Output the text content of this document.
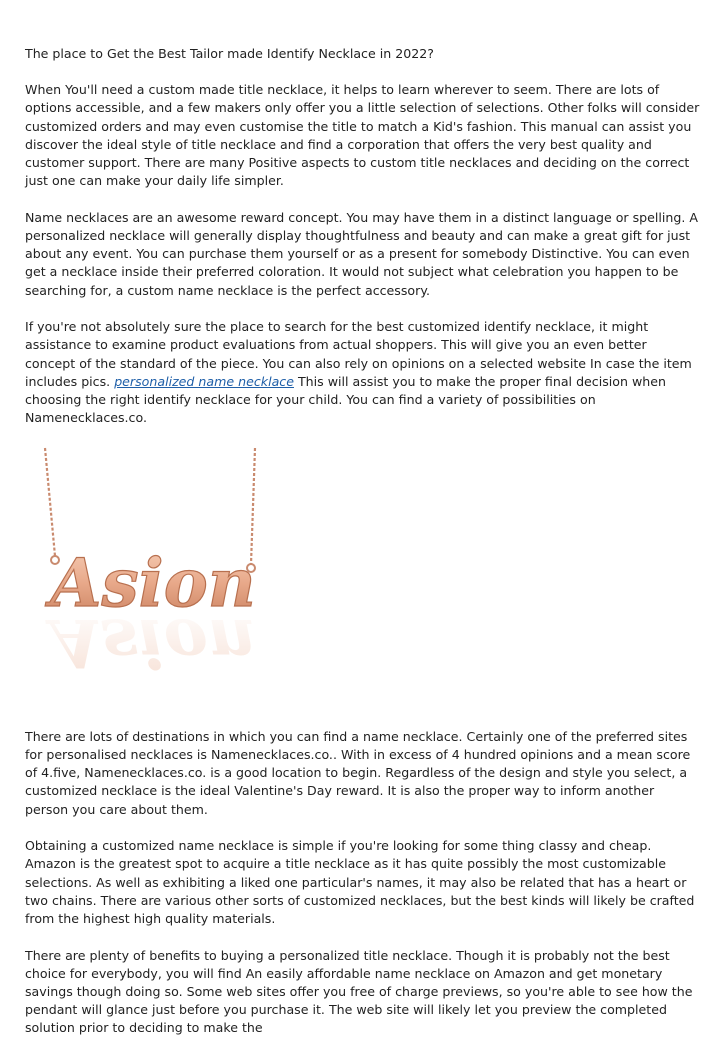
The place to Get the Best Tailor made Identify Necklace in 2022?

When You'll need a custom made title necklace, it helps to learn wherever to seem. There are lots of options accessible, and a few makers only offer you a little selection of selections. Other folks will consider customized orders and may even customise the title to match a Kid's fashion. This manual can assist you discover the ideal style of title necklace and find a corporation that offers the very best quality and customer support. There are many Positive aspects to custom title necklaces and deciding on the correct just one can make your daily life simpler.

Name necklaces are an awesome reward concept. You may have them in a distinct language or spelling. A personalized necklace will generally display thoughtfulness and beauty and can make a great gift for just about any event. You can purchase them yourself or as a present for somebody Distinctive. You can even get a necklace inside their preferred coloration. It would not subject what celebration you happen to be searching for, a custom name necklace is the perfect accessory.

If you're not absolutely sure the place to search for the best customized identify necklace, it might assistance to examine product evaluations from actual shoppers. This will give you an even better concept of the standard of the piece. You can also rely on opinions on a selected website In case the item includes pics. personalized name necklace This will assist you to make the proper final decision when choosing the right identify necklace for your child. You can find a variety of possibilities on Namenecklaces.co.

Asion
Asion

There are lots of destinations in which you can find a name necklace. Certainly one of the preferred sites for personalised necklaces is Namenecklaces.co.. With in excess of 4 hundred opinions and a mean score of 4.five, Namenecklaces.co. is a good location to begin. Regardless of the design and style you select, a customized necklace is the ideal Valentine's Day reward. It is also the proper way to inform another person you care about them.

Obtaining a customized name necklace is simple if you're looking for some thing classy and cheap. Amazon is the greatest spot to acquire a title necklace as it has quite possibly the most customizable selections. As well as exhibiting a liked one particular's names, it may also be related that has a heart or two chains. There are various other sorts of customized necklaces, but the best kinds will likely be crafted from the highest high quality materials.

There are plenty of benefits to buying a personalized title necklace. Though it is probably not the best choice for everybody, you will find An easily affordable name necklace on Amazon and get monetary savings though doing so. Some web sites offer you free of charge previews, so you're able to see how the pendant will glance just before you purchase it. The web site will likely let you preview the completed solution prior to deciding to make the
